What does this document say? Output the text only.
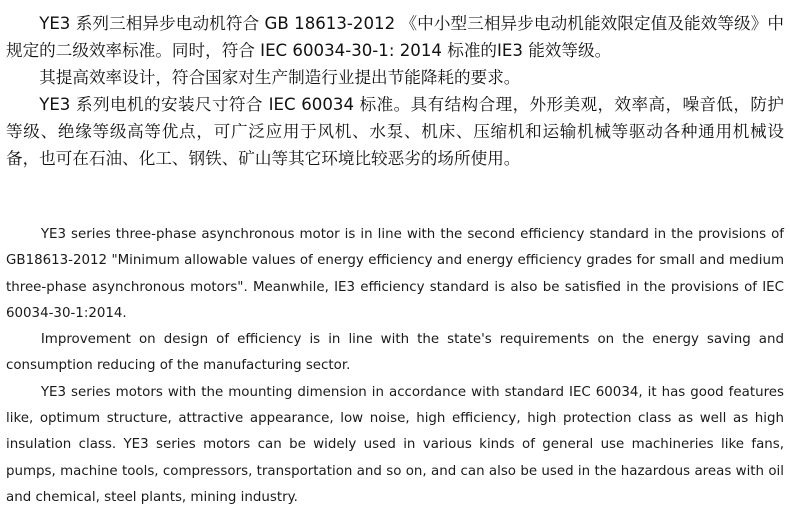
YE3 系列三相异步电动机符合 GB 18613-2012 《中小型三相异步电动机能效限定值及能效等级》中规定的二级效率标准。同时，符合 IEC 60034-30-1: 2014 标准的IE3 能效等级。

其提高效率设计，符合国家对生产制造行业提出节能降耗的要求。

YE3 系列电机的安装尺寸符合 IEC 60034 标准。具有结构合理，外形美观，效率高，噪音低，防护等级、绝缘等级高等优点，可广泛应用于风机、水泵、机床、压缩机和运输机械等驱动各种通用机械设备，也可在石油、化工、钢铁、矿山等其它环境比较恶劣的场所使用。

YE3 series three-phase asynchronous motor is in line with the second efficiency standard in the provisions of GB18613-2012 "Minimum allowable values of energy efficiency and energy efficiency grades for small and medium three-phase asynchronous motors". Meanwhile, IE3 efficiency standard is also be satisfied in the provisions of IEC 60034-30-1:2014.

Improvement on design of efficiency is in line with the state's requirements on the energy saving and consumption reducing of the manufacturing sector.

YE3 series motors with the mounting dimension in accordance with standard IEC 60034, it has good features like, optimum structure, attractive appearance, low noise, high efficiency, high protection class as well as high insulation class. YE3 series motors can be widely used in various kinds of general use machineries like fans, pumps, machine tools, compressors, transportation and so on, and can also be used in the hazardous areas with oil and chemical, steel plants, mining industry.
